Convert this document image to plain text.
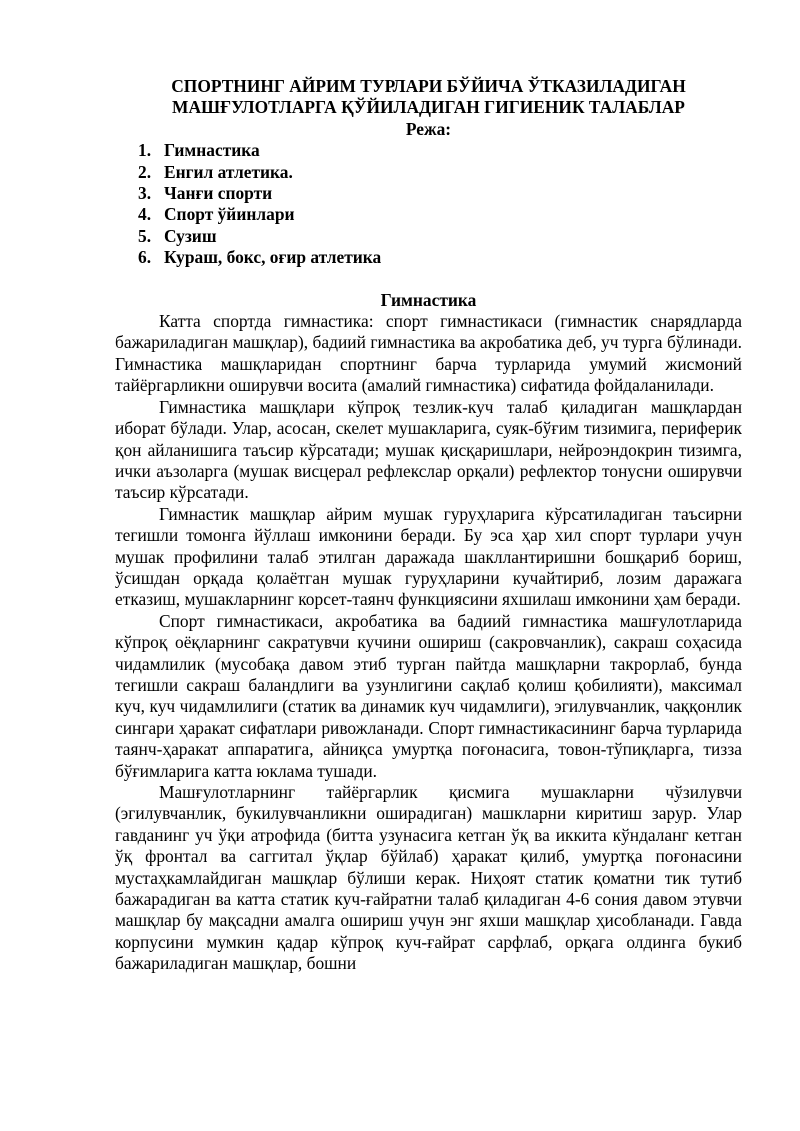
СПОРТНИНГ АЙРИМ ТУРЛАРИ БЎЙИЧА ЎТКАЗИЛАДИГАН

МАШҒУЛОТЛАРГА ҚЎЙИЛАДИГАН ГИГИЕНИК ТАЛАБЛАР

Режа:

1. Гимнастика
2. Енгил атлетика.
3. Чанғи спорти
4. Спорт ўйинлари
5. Сузиш
6. Кураш, бокс, оғир атлетика

Гимнастика

Катта спортда гимнастика: спорт гимнастикаси (гимнастик снарядларда бажариладиган машқлар), бадиий гимнастика ва акробатика деб, уч турга бўлинади. Гимнастика машқларидан спортнинг барча турларида умумий жисмоний тайёргарликни оширувчи восита (амалий гимнастика) сифатида фойдаланилади.

Гимнастика машқлари кўпроқ тезлик-куч талаб қиладиган машқлардан иборат бўлади. Улар, асосан, скелет мушакларига, суяк-бўғим тизимига, периферик қон айланишига таъсир кўрсатади; мушак қисқаришлари, нейроэндокрин тизимга, ички аъзоларга (мушак висцерал рефлекслар орқали) рефлектор тонусни оширувчи таъсир кўрсатади.

Гимнастик машқлар айрим мушак гуруҳларига кўрсатиладиган таъсирни тегишли томонга йўллаш имконини беради. Бу эса ҳар хил спорт турлари учун мушак профилини талаб этилган даражада шакллантиришни бошқариб бориш, ўсишдан орқада қолаётган мушак гуруҳларини кучайтириб, лозим даражага етказиш, мушакларнинг корсет-таянч функциясини яхшилаш имконини ҳам беради.

Спорт гимнастикаси, акробатика ва бадиий гимнастика машғулотларида кўпроқ оёқларнинг сакратувчи кучини ошириш (сакровчанлик), сакраш соҳасида чидамлилик (мусобақа давом этиб турган пайтда машқларни такрорлаб, бунда тегишли сакраш баландлиги ва узунлигини сақлаб қолиш қобилияти), максимал куч, куч чидамлилиги (статик ва динамик куч чидамлиги), эгилувчанлик, чаққонлик сингари ҳаракат сифатлари ривожланади. Спорт гимнастикасининг барча турларида таянч-ҳаракат аппаратига, айниқса умуртқа поғонасига, товон-тўпиқларга, тизза бўғимларига катта юклама тушади.

Машғулотларнинг тайёргарлик қисмига мушакларни чўзилувчи (эгилувчанлик, букилувчанликни оширадиган) машкларни киритиш зарур. Улар гавданинг уч ўқи атрофида (битта узунасига кетган ўқ ва иккита кўндаланг кетган ўқ фронтал ва саггитал ўқлар бўйлаб) ҳаракат қилиб, умуртқа поғонасини мустаҳкамлайдиган машқлар бўлиши керак. Ниҳоят статик қоматни тик тутиб бажарадиган ва катта статик куч-ғайратни талаб қиладиган 4-6 сония давом этувчи машқлар бу мақсадни амалга ошириш учун энг яхши машқлар ҳисобланади. Гавда корпусини мумкин қадар кўпроқ куч-ғайрат сарфлаб, орқага олдинга букиб бажариладиган машқлар, бошни
